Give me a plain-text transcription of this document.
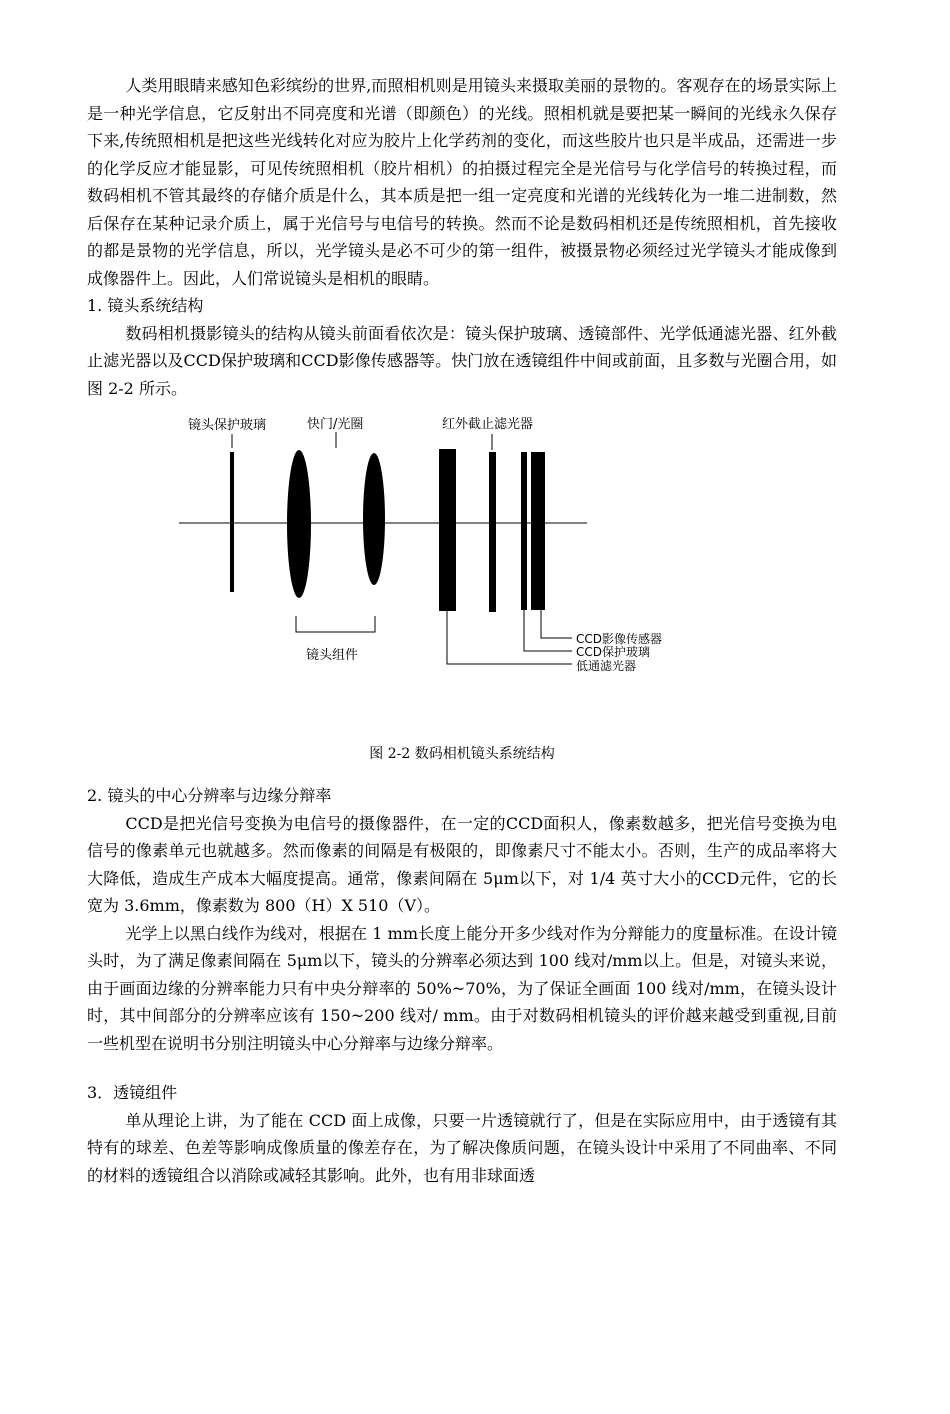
人类用眼睛来感知色彩缤纷的世界,而照相机则是用镜头来摄取美丽的景物的。客观存在的场景实际上是一种光学信息，它反射出不同亮度和光谱（即颜色）的光线。照相机就是要把某一瞬间的光线永久保存下来,传统照相机是把这些光线转化对应为胶片上化学药剂的变化，而这些胶片也只是半成品，还需进一步的化学反应才能显影，可见传统照相机（胶片相机）的拍摄过程完全是光信号与化学信号的转换过程，而数码相机不管其最终的存储介质是什么，其本质是把一组一定亮度和光谱的光线转化为一堆二进制数，然后保存在某种记录介质上，属于光信号与电信号的转换。然而不论是数码相机还是传统照相机，首先接收的都是景物的光学信息，所以，光学镜头是必不可少的第一组件，被摄景物必须经过光学镜头才能成像到成像器件上。因此，人们常说镜头是相机的眼睛。

1. 镜头系统结构

数码相机摄影镜头的结构从镜头前面看依次是：镜头保护玻璃、透镜部件、光学低通滤光器、红外截止滤光器以及CCD保护玻璃和CCD影像传感器等。快门放在透镜组件中间或前面，且多数与光圈合用，如图 2-2 所示。

镜头保护玻璃	快门/光圈	红外截止滤光器
镜头组件
CCD影像传感器
CCD保护玻璃
低通滤光器
图 2-2 数码相机镜头系统结构
2. 镜头的中心分辨率与边缘分辩率

CCD是把光信号变换为电信号的摄像器件，在一定的CCD面积人，像素数越多，把光信号变换为电信号的像素单元也就越多。然而像素的间隔是有极限的，即像素尺寸不能太小。否则，生产的成品率将大大降低，造成生产成本大幅度提高。通常，像素间隔在 5μm以下，对 1/4 英寸大小的CCD元件，它的长宽为 3.6mm，像素数为 800（H）X 510（V）。

光学上以黑白线作为线对，根据在 1 mm长度上能分开多少线对作为分辩能力的度量标准。在设计镜头时，为了满足像素间隔在 5μm以下，镜头的分辨率必须达到 100 线对/mm以上。但是，对镜头来说，由于画面边缘的分辨率能力只有中央分辩率的 50%~70%，为了保证全画面 100 线对/mm，在镜头设计时，其中间部分的分辨率应该有 150~200 线对/ mm。由于对数码相机镜头的评价越来越受到重视,目前一些机型在说明书分别注明镜头中心分辩率与边缘分辩率。

3．透镜组件

单从理论上讲，为了能在 CCD 面上成像，只要一片透镜就行了，但是在实际应用中，由于透镜有其特有的球差、色差等影响成像质量的像差存在，为了解决像质问题，在镜头设计中采用了不同曲率、不同的材料的透镜组合以消除或减轻其影响。此外，也有用非球面透
